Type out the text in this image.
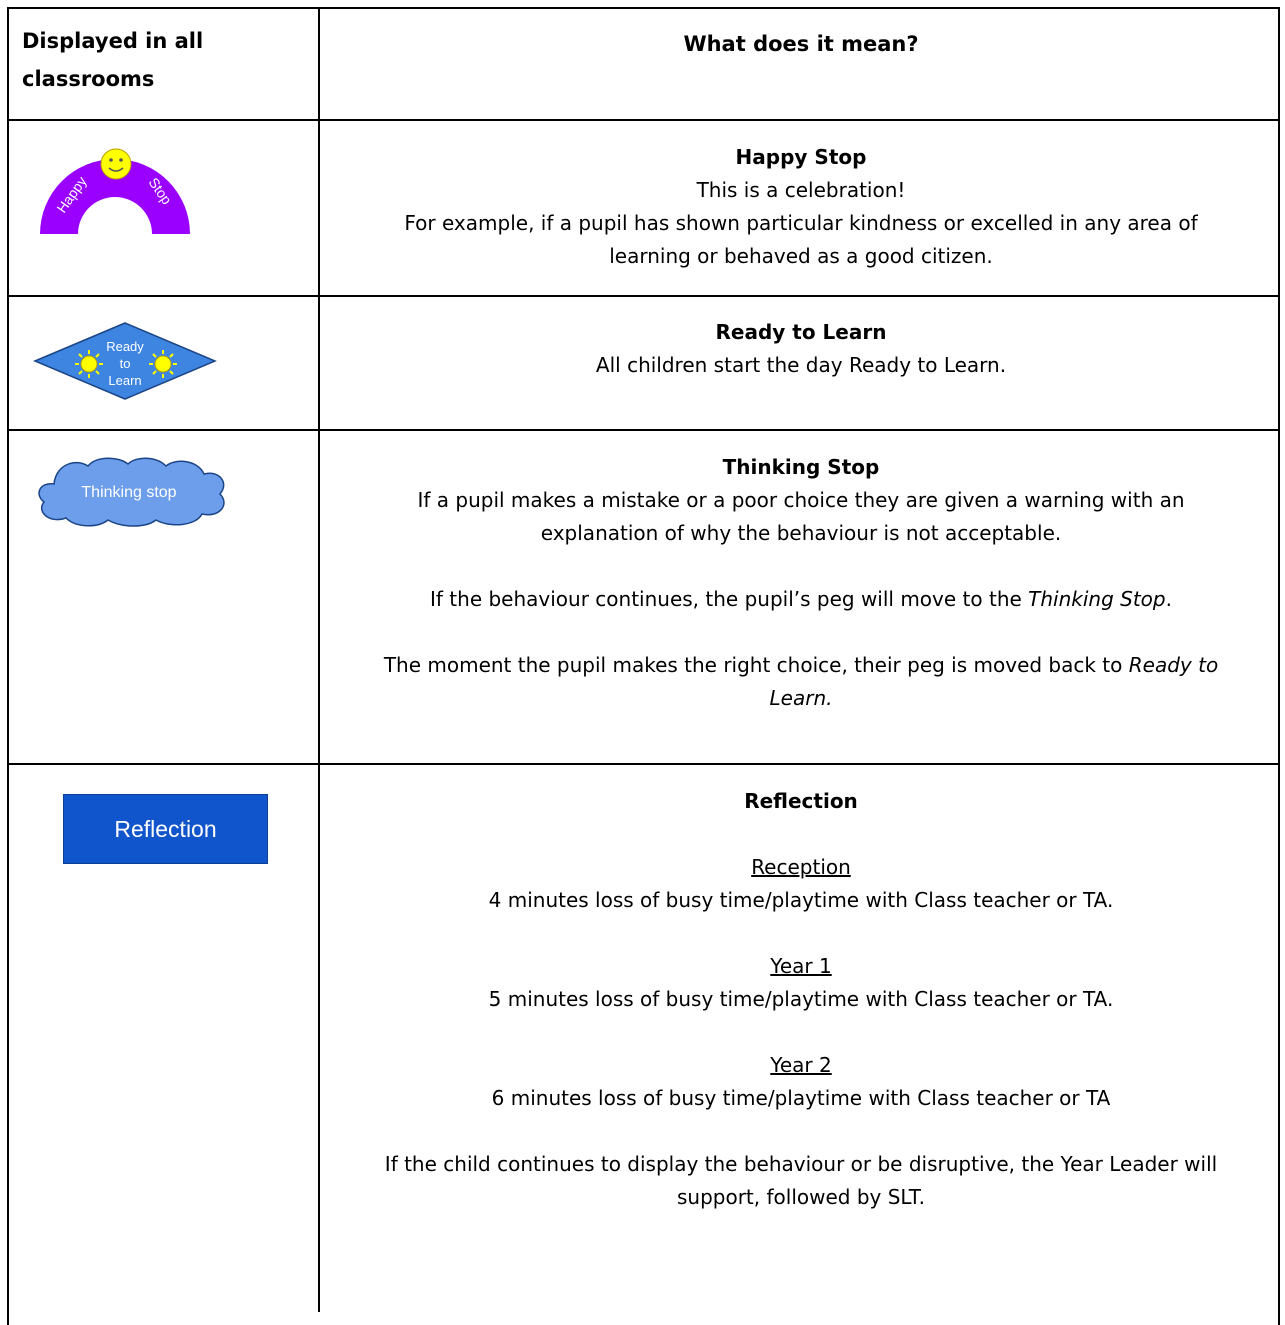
Displayed in all classrooms
What does it mean?
Happy	Stop
Happy Stop
This is a celebration!
For example, if a pupil has shown particular kindness or excelled in any area of
learning or behaved as a good citizen.
Ready
to
Learn
Ready to Learn
All children start the day Ready to Learn.
Thinking stop
Thinking Stop
If a pupil makes a mistake or a poor choice they are given a warning with an
explanation of why the behaviour is not acceptable.
If the behaviour continues, the pupil’s peg will move to the Thinking Stop.
The moment the pupil makes the right choice, their peg is moved back to Ready to
Learn.
Reflection
Reflection
Reception
4 minutes loss of busy time/playtime with Class teacher or TA.
Year 1
5 minutes loss of busy time/playtime with Class teacher or TA.
Year 2
6 minutes loss of busy time/playtime with Class teacher or TA
If the child continues to display the behaviour or be disruptive, the Year Leader will
support, followed by SLT.
